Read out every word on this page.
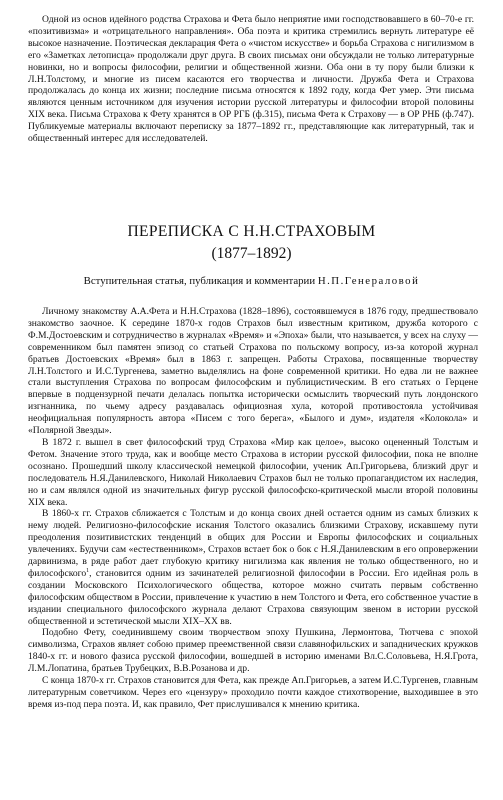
Одной из основ идейного родства Страхова и Фета было неприятие ими господствовавшего в 60–70-е гг. «позитивизма» и «отрицательного направления». Оба поэта и критика стремились вернуть литературе её высокое назначение. Поэтическая декларация Фета о «чистом искусстве» и борьба Страхова с нигилизмом в его «Заметках летописца» продолжали друг друга. В своих письмах они обсуждали не только литературные новинки, но и вопросы философии, религии и общественной жизни. Оба они в ту пору были близки к Л.Н.Толстому, и многие из писем касаются его творчества и личности. Дружба Фета и Страхова продолжалась до конца их жизни; последние письма относятся к 1892 году, когда Фет умер. Эти письма являются ценным источником для изучения истории русской литературы и философии второй половины XIX века. Письма Страхова к Фету хранятся в ОР РГБ (ф.315), письма Фета к Страхову — в ОР РНБ (ф.747). Публикуемые материалы включают переписку за 1877–1892 гг., представляющие как литературный, так и общественный интерес для исследователей.

ПЕРЕПИСКА С Н.Н.СТРАХОВЫМ
(1877–1892)
Вступительная статья, публикация и комментарии Н.П.Генераловой

Личному знакомству А.А.Фета и Н.Н.Страхова (1828–1896), состоявшемуся в 1876 году, предшествовало знакомство заочное. К середине 1870-х годов Страхов был известным критиком, дружба которого с Ф.М.Достоевским и сотрудничество в журналах «Время» и «Эпоха» были, что называется, у всех на слуху — современником был памятен эпизод со статьей Страхова по польскому вопросу, из-за которой журнал братьев Достоевских «Время» был в 1863 г. запрещен. Работы Страхова, посвященные творчеству Л.Н.Толстого и И.С.Тургенева, заметно выделялись на фоне современной критики. Но едва ли не важнее стали выступления Страхова по вопросам философским и публицистическим. В его статьях о Герцене впервые в подцензурной печати делалась попытка исторически осмыслить творческий путь лондонского изгнанника, по чьему адресу раздавалась официозная хула, которой противостояла устойчивая неофициальная популярность автора «Писем с того берега», «Былого и дум», издателя «Колокола» и «Полярной Звезды».

В 1872 г. вышел в свет философский труд Страхова «Мир как целое», высоко оцененный Толстым и Фетом. Значение этого труда, как и вообще место Страхова в истории русской философии, пока не вполне осознано. Прошедший школу классической немецкой философии, ученик Ап.Григорьева, близкий друг и последователь Н.Я.Данилевского, Николай Николаевич Страхов был не только пропагандистом их наследия, но и сам являлся одной из значительных фигур русской философско-критической мысли второй половины XIX века.

В 1860-х гг. Страхов сближается с Толстым и до конца своих дней остается одним из самых близких к нему людей. Религиозно-философские искания Толстого оказались близкими Страхову, искавшему пути преодоления позитивистских тенденций в общих для России и Европы философских и социальных увлечениях. Будучи сам «естественником», Страхов встает бок о бок с Н.Я.Данилевским в его опровержении дарвинизма, в ряде работ дает глубокую критику нигилизма как явления не только общественного, но и философского$^1$, становится одним из зачинателей религиозной философии в России. Его идейная роль в создании Московского Психологического общества, которое можно считать первым собственно философским обществом в России, привлечение к участию в нем Толстого и Фета, его собственное участие в издании специального философского журнала делают Страхова связующим звеном в истории русской общественной и эстетической мысли XIX–XX вв.

Подобно Фету, соединившему своим творчеством эпоху Пушкина, Лермонтова, Тютчева с эпохой символизма, Страхов являет собою пример преемственной связи славянофильских и западнических кружков 1840-х гг. и нового фазиса русской философии, вошедшей в историю именами Вл.С.Соловьева, Н.Я.Грота, Л.М.Лопатина, братьев Трубецких, В.В.Розанова и др.

С конца 1870-х гг. Страхов становится для Фета, как прежде Ап.Григорьев, а затем И.С.Тургенев, главным литературным советчиком. Через его «цензуру» проходило почти каждое стихотворение, выходившее в это время из-под пера поэта. И, как правило, Фет прислушивался к мнению критика.
